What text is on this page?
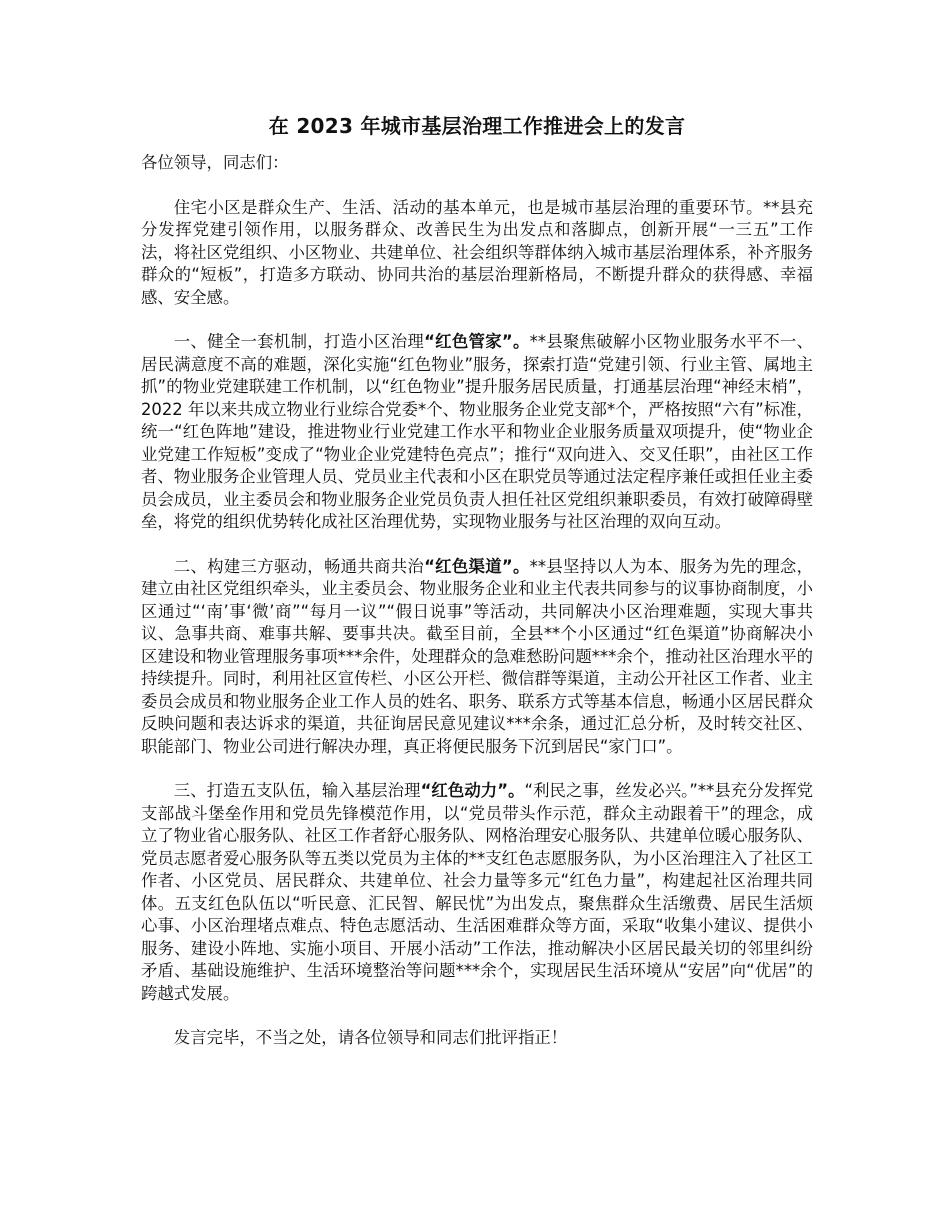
在 2023 年城市基层治理工作推进会上的发言

各位领导，同志们：

住宅小区是群众生产、生活、活动的基本单元，也是城市基层治理的重要环节。**县充分发挥党建引领作用，以服务群众、改善民生为出发点和落脚点，创新开展“一三五”工作法，将社区党组织、小区物业、共建单位、社会组织等群体纳入城市基层治理体系，补齐服务群众的“短板”，打造多方联动、协同共治的基层治理新格局，不断提升群众的获得感、幸福感、安全感。

一、健全一套机制，打造小区治理“红色管家”。**县聚焦破解小区物业服务水平不一、居民满意度不高的难题，深化实施“红色物业”服务，探索打造“党建引领、行业主管、属地主抓”的物业党建联建工作机制，以“红色物业”提升服务居民质量，打通基层治理“神经末梢”，2022 年以来共成立物业行业综合党委*个、物业服务企业党支部*个，严格按照“六有”标准，统一“红色阵地”建设，推进物业行业党建工作水平和物业企业服务质量双项提升，使“物业企业党建工作短板”变成了“物业企业党建特色亮点”；推行“双向进入、交叉任职”，由社区工作者、物业服务企业管理人员、党员业主代表和小区在职党员等通过法定程序兼任或担任业主委员会成员，业主委员会和物业服务企业党员负责人担任社区党组织兼职委员，有效打破障碍壁垒，将党的组织优势转化成社区治理优势，实现物业服务与社区治理的双向互动。

二、构建三方驱动，畅通共商共治“红色渠道”。**县坚持以人为本、服务为先的理念，建立由社区党组织牵头，业主委员会、物业服务企业和业主代表共同参与的议事协商制度，小区通过“‘南’事‘微’商”“每月一议”“假日说事”等活动，共同解决小区治理难题，实现大事共议、急事共商、难事共解、要事共决。截至目前，全县**个小区通过“红色渠道”协商解决小区建设和物业管理服务事项***余件，处理群众的急难愁盼问题***余个，推动社区治理水平的持续提升。同时，利用社区宣传栏、小区公开栏、微信群等渠道，主动公开社区工作者、业主委员会成员和物业服务企业工作人员的姓名、职务、联系方式等基本信息，畅通小区居民群众反映问题和表达诉求的渠道，共征询居民意见建议***余条，通过汇总分析，及时转交社区、职能部门、物业公司进行解决办理，真正将便民服务下沉到居民“家门口”。

三、打造五支队伍，输入基层治理“红色动力”。“利民之事，丝发必兴。”**县充分发挥党支部战斗堡垒作用和党员先锋模范作用，以“党员带头作示范，群众主动跟着干”的理念，成立了物业省心服务队、社区工作者舒心服务队、网格治理安心服务队、共建单位暖心服务队、党员志愿者爱心服务队等五类以党员为主体的**支红色志愿服务队，为小区治理注入了社区工作者、小区党员、居民群众、共建单位、社会力量等多元“红色力量”，构建起社区治理共同体。五支红色队伍以“听民意、汇民智、解民忧”为出发点，聚焦群众生活缴费、居民生活烦心事、小区治理堵点难点、特色志愿活动、生活困难群众等方面，采取“收集小建议、提供小服务、建设小阵地、实施小项目、开展小活动”工作法，推动解决小区居民最关切的邻里纠纷矛盾、基础设施维护、生活环境整治等问题***余个，实现居民生活环境从“安居”向“优居”的跨越式发展。

发言完毕，不当之处，请各位领导和同志们批评指正！
